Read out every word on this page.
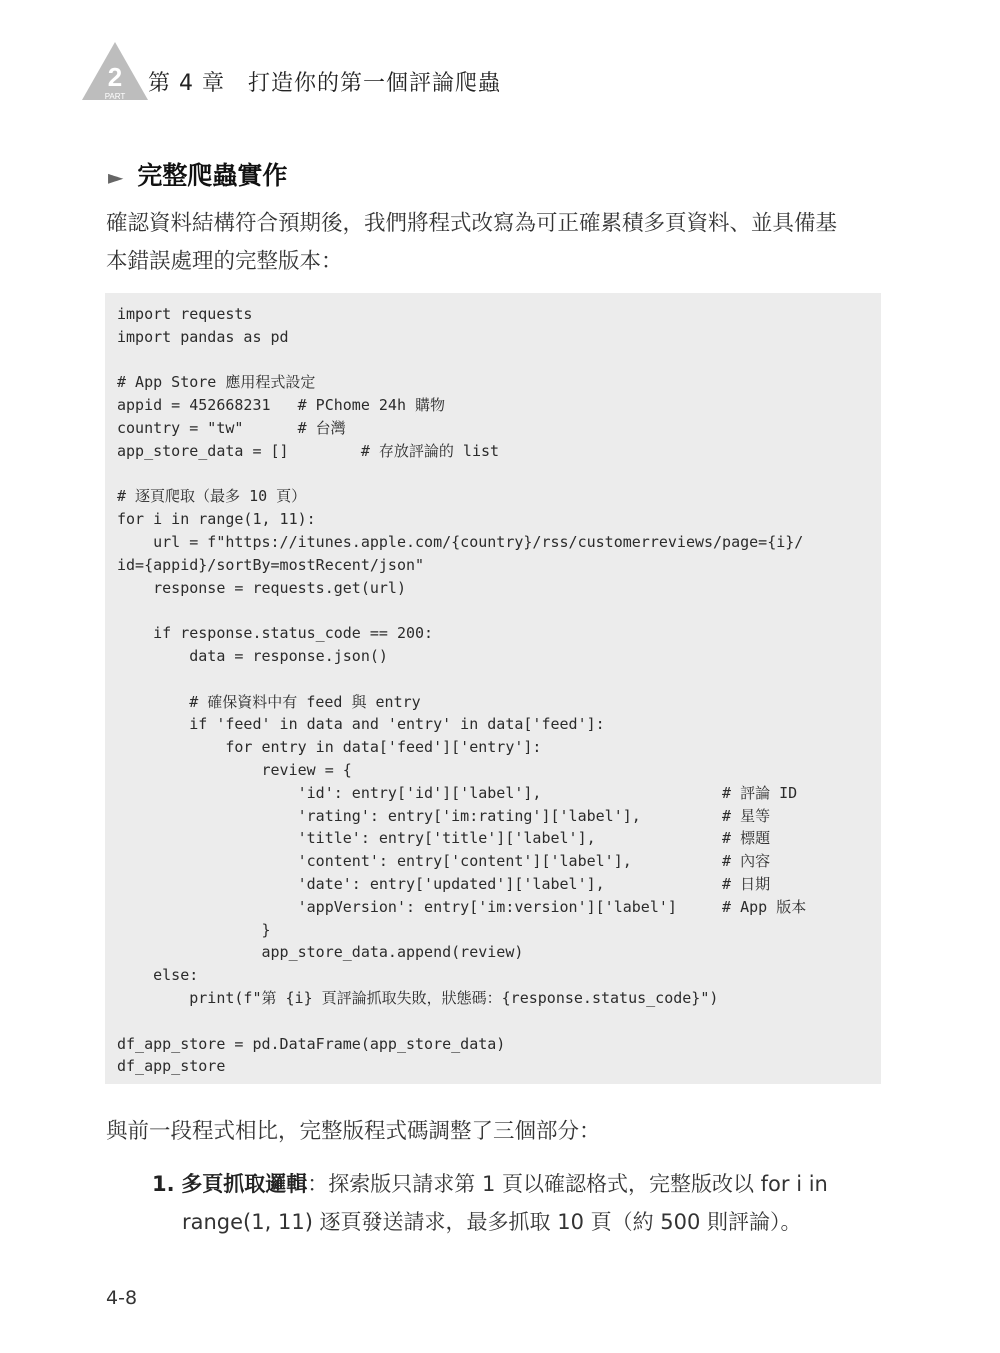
2
PART
第 4 章　打造你的第一個評論爬蟲
► 完整爬蟲實作
確認資料結構符合預期後，我們將程式改寫為可正確累積多頁資料、並具備基
本錯誤處理的完整版本：
import requests
import pandas as pd
# App Store 應用程式設定
appid = 452668231   # PChome 24h 購物
country = "tw"      # 台灣
app_store_data = []        # 存放評論的 list
# 逐頁爬取（最多 10 頁）
for i in range(1, 11):
url = f"https://itunes.apple.com/{country}/rss/customerreviews/page={i}/
id={appid}/sortBy=mostRecent/json"
response = requests.get(url)
if response.status_code == 200:
data = response.json()
# 確保資料中有 feed 與 entry
if 'feed' in data and 'entry' in data['feed']:
for entry in data['feed']['entry']:
review = {
'id': entry['id']['label'],                    # 評論 ID
'rating': entry['im:rating']['label'],         # 星等
'title': entry['title']['label'],              # 標題
'content': entry['content']['label'],          # 內容
'date': entry['updated']['label'],             # 日期
'appVersion': entry['im:version']['label']     # App 版本
}
app_store_data.append(review)
else:
print(f"第 {i} 頁評論抓取失敗，狀態碼：{response.status_code}")
df_app_store = pd.DataFrame(app_store_data)
df_app_store
與前一段程式相比，完整版程式碼調整了三個部分：
1. 多頁抓取邏輯：探索版只請求第 1 頁以確認格式，完整版改以 for i in
range(1, 11) 逐頁發送請求，最多抓取 10 頁（約 500 則評論）。
4-8
